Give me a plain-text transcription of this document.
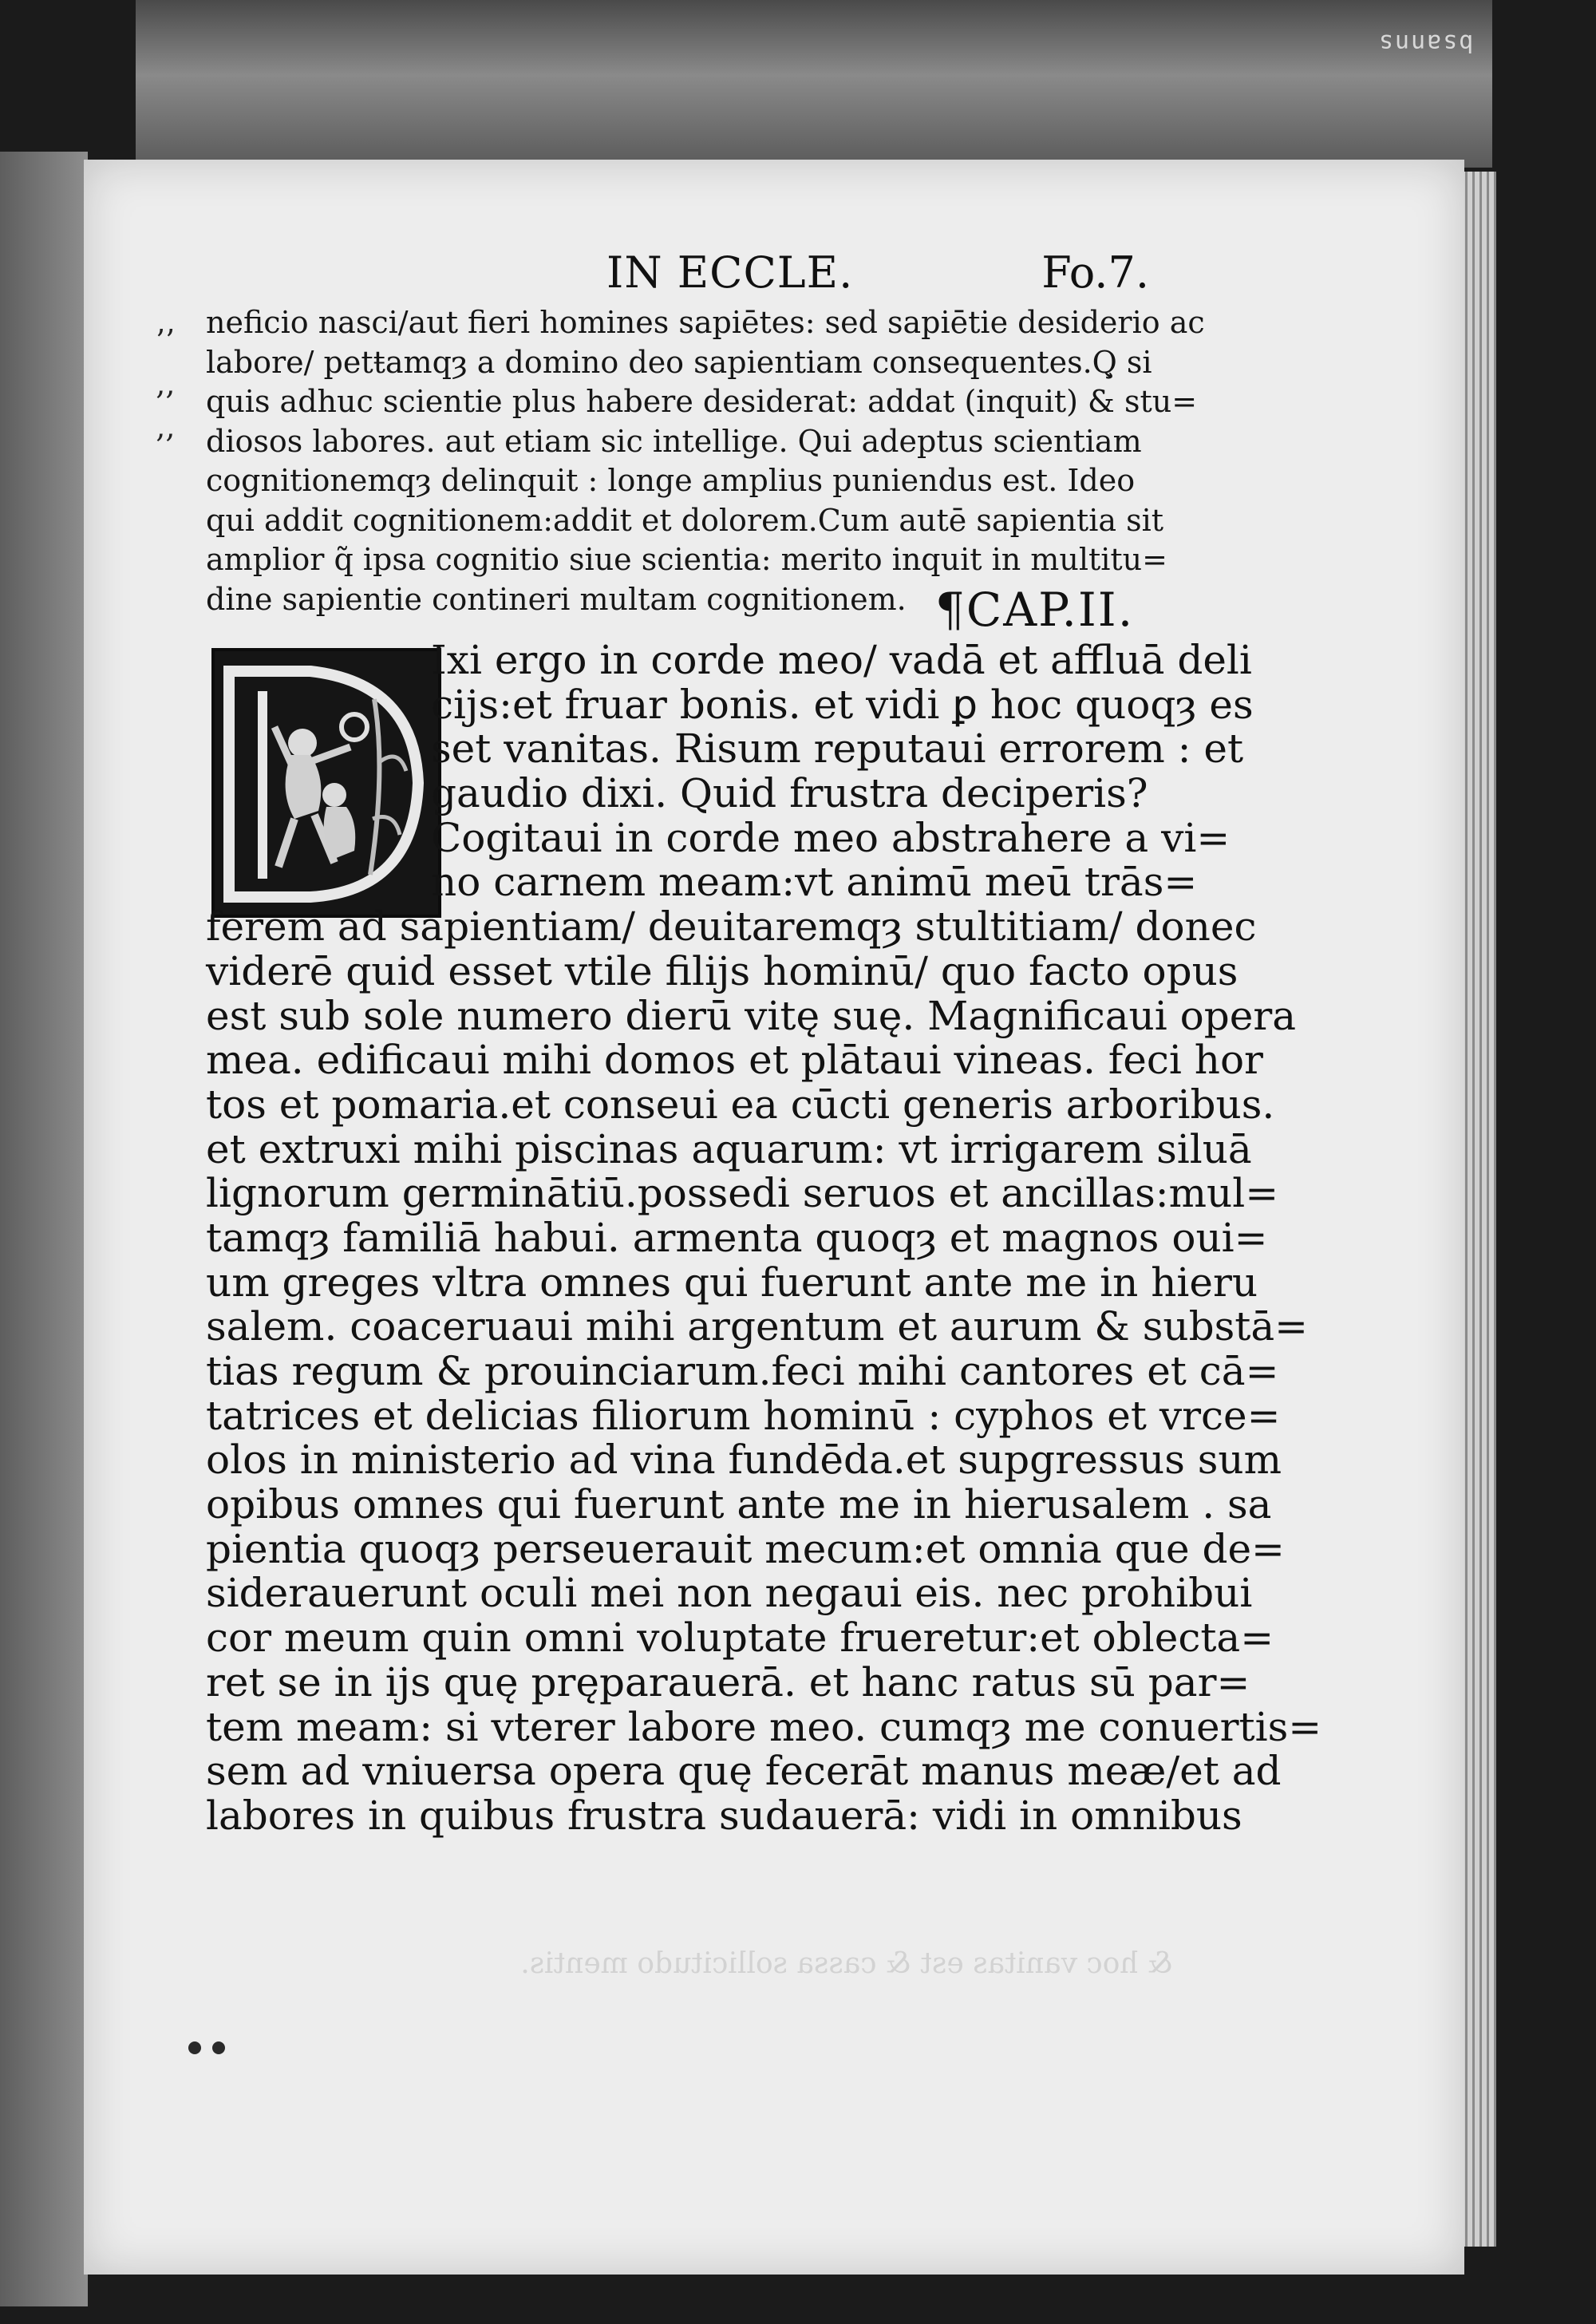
bsanns
IN ECCLE.	Fo.7.
’’
‚‚
‚‚
neficio nasci/aut fieri homines sapiētes: sed sapiētie desiderio ac
labore/ petŧamqȝ a domino deo sapientiam consequentes.Q̧ si
quis adhuc scientie plus habere desiderat: addat (inquit) & stu=
diosos labores. aut etiam sic intellige. Qui adeptus scientiam
cognitionemqȝ delinquit : longe amplius puniendus est. Ideo
qui addit cognitionem:addit et dolorem.Cum autē sapientia sit
amplior q̃ ipsa cognitio siue scientia: merito inquit in multitu=
dine sapientie contineri multam cognitionem. ¶CAP.II.
Ixi ergo in corde meo/ vadā et affluā deli
cijs:et fruar bonis. et vidi ꝑ hoc quoqȝ es
set vanitas. Risum reputaui errorem : et
gaudio dixi. Quid frustra deciperis?
Cogitaui in corde meo abstrahere a vi=
no carnem meam:vt animū meū trās=
ferem ad sapientiam/ deuitaremqȝ stultitiam/ donec
viderē quid esset vtile filijs hominū/ quo facto opus
est sub sole numero dierū vitę suę. Magnificaui opera
mea. edificaui mihi domos et plātaui vineas. feci hor
tos et pomaria.et conseui ea cūcti generis arboribus.
et extruxi mihi piscinas aquarum: vt irrigarem siluā
lignorum germinātiū.possedi seruos et ancillas:mul=
tamqȝ familiā habui. armenta quoqȝ et magnos oui=
um greges vltra omnes qui fuerunt ante me in hieru
salem. coaceruaui mihi argentum et aurum & substā=
tias regum & prouinciarum.feci mihi cantores et cā=
tatrices et delicias filiorum hominū : cyphos et vrce=
olos in ministerio ad vina fundēda.et supgressus sum
opibus omnes qui fuerunt ante me in hierusalem . sa
pientia quoqȝ perseuerauit mecum:et omnia que de=
siderauerunt oculi mei non negaui eis. nec prohibui
cor meum quin omni voluptate frueretur:et oblecta=
ret se in ijs quę pręparauerā. et hanc ratus sū par=
tem meam: si vterer labore meo. cumqȝ me conuertis=
sem ad vniuersa opera quę fecerāt manus meæ/et ad
labores in quibus frustra sudauerā: vidi in omnibus
& hoc vanitas est & cassa sollicitudo mentis.
